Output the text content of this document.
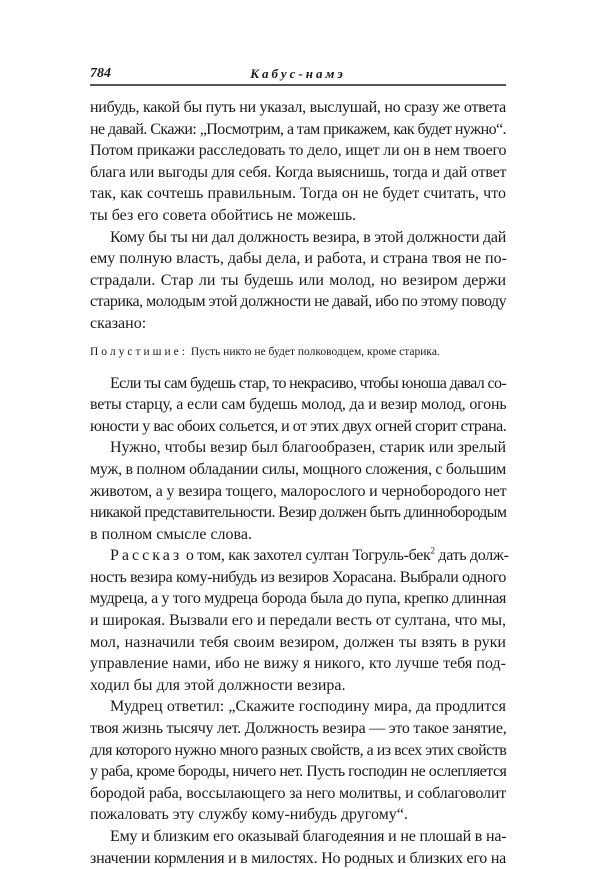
784	Кабус-намэ
нибудь, какой бы путь ни указал, выслушай, но сразу же ответа
не давай. Скажи: „Посмотрим, а там прикажем, как будет нужно“.
Потом прикажи расследовать то дело, ищет ли он в нем твоего
блага или выгоды для себя. Когда выяснишь, тогда и дай ответ
так, как сочтешь правильным. Тогда он не будет считать, что
ты без его совета обойтись не можешь.
Кому бы ты ни дал должность везира, в этой должности дай
ему полную власть, дабы дела, и работа, и страна твоя не по-
страдали. Стар ли ты будешь или молод, но везиром держи
старика, молодым этой должности не давай, ибо по этому поводу
сказано:
Полустишие: Пусть никто не будет полководцем, кроме старика.
Если ты сам будешь стар, то некрасиво, чтобы юноша давал со-
веты старцу, а если сам будешь молод, да и везир молод, огонь
юности у вас обоих сольется, и от этих двух огней сгорит страна.
Нужно, чтобы везир был благообразен, старик или зрелый
муж, в полном обладании силы, мощного сложения, с большим
животом, а у везира тощего, малорослого и чернобородого нет
никакой представительности. Везир должен быть длиннобородым
в полном смысле слова.
Рассказ о том, как захотел султан Тогруль-бек$^2$ дать долж-
ность везира кому-нибудь из везиров Хорасана. Выбрали одного
мудреца, а у того мудреца борода была до пупа, крепко длинная
и широкая. Вызвали его и передали весть от султана, что мы,
мол, назначили тебя своим везиром, должен ты взять в руки
управление нами, ибо не вижу я никого, кто лучше тебя под-
ходил бы для этой должности везира.
Мудрец ответил: „Скажите господину мира, да продлится
твоя жизнь тысячу лет. Должность везира — это такое занятие,
для которого нужно много разных свойств, а из всех этих свойств
у раба, кроме бороды, ничего нет. Пусть господин не ослепляется
бородой раба, воссылающего за него молитвы, и соблаговолит
пожаловать эту службу кому-нибудь другому“.
Ему и близким его оказывай благодеяния и не плошай в на-
значении кормления и в милостях. Но родных и близких его на
